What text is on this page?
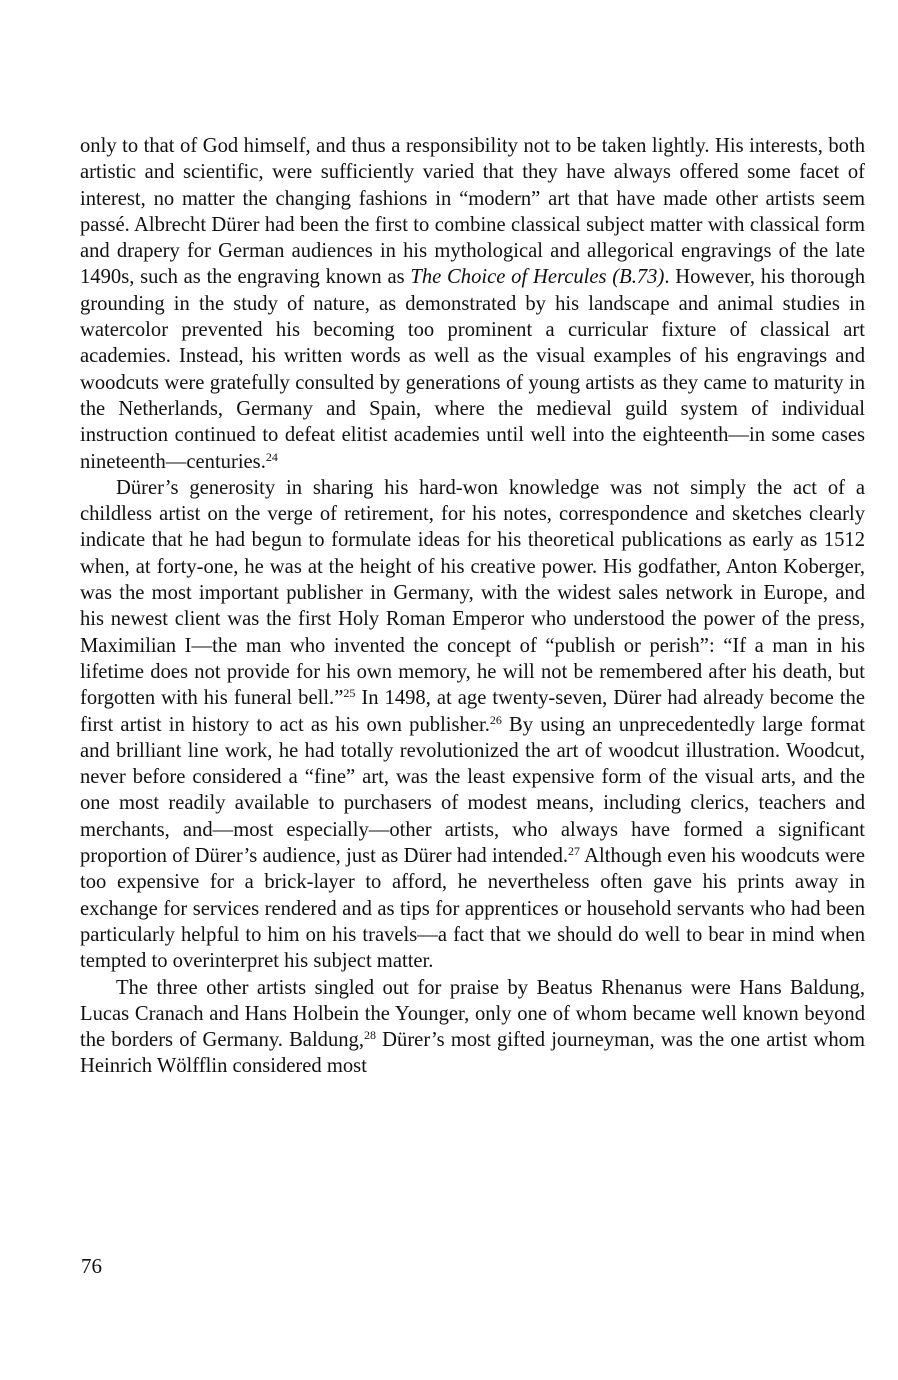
only to that of God himself, and thus a responsibility not to be taken lightly. His interests, both artistic and scientific, were sufficiently varied that they have always offered some facet of interest, no matter the changing fashions in “modern” art that have made other artists seem passé. Albrecht Dürer had been the first to combine classical subject matter with classical form and drapery for German audiences in his mythological and allegorical engravings of the late 1490s, such as the engraving known as The Choice of Hercules (B.73). However, his thorough grounding in the study of nature, as demonstrated by his landscape and animal studies in watercolor prevented his becoming too prominent a curricular fixture of classical art academies. Instead, his written words as well as the visual examples of his engravings and woodcuts were gratefully consulted by generations of young artists as they came to maturity in the Netherlands, Germany and Spain, where the medieval guild system of individual instruction continued to defeat elitist academies until well into the eighteenth—in some cases nineteenth—centuries.$^{24}$

Dürer’s generosity in sharing his hard-won knowledge was not simply the act of a childless artist on the verge of retirement, for his notes, correspondence and sketches clearly indicate that he had begun to formulate ideas for his theoretical publications as early as 1512 when, at forty-one, he was at the height of his creative power. His godfather, Anton Koberger, was the most important publisher in Germany, with the widest sales network in Europe, and his newest client was the first Holy Roman Emperor who understood the power of the press, Maximilian I—the man who invented the concept of “publish or perish”: “If a man in his lifetime does not provide for his own memory, he will not be remembered after his death, but forgotten with his funeral bell.”$^{25}$ In 1498, at age twenty-seven, Dürer had already become the first artist in history to act as his own publisher.$^{26}$ By using an unprecedentedly large format and brilliant line work, he had totally revolutionized the art of woodcut illustration. Woodcut, never before considered a “fine” art, was the least expensive form of the visual arts, and the one most readily available to purchasers of modest means, including clerics, teachers and merchants, and—most especially—other artists, who always have formed a significant proportion of Dürer’s audience, just as Dürer had intended.$^{27}$ Although even his woodcuts were too expensive for a brick-layer to afford, he nevertheless often gave his prints away in exchange for services rendered and as tips for apprentices or household servants who had been particularly helpful to him on his travels—a fact that we should do well to bear in mind when tempted to overinterpret his subject matter.

The three other artists singled out for praise by Beatus Rhenanus were Hans Baldung, Lucas Cranach and Hans Holbein the Younger, only one of whom became well known beyond the borders of Germany. Baldung,$^{28}$ Dürer’s most gifted journeyman, was the one artist whom Heinrich Wölfflin considered most

76
